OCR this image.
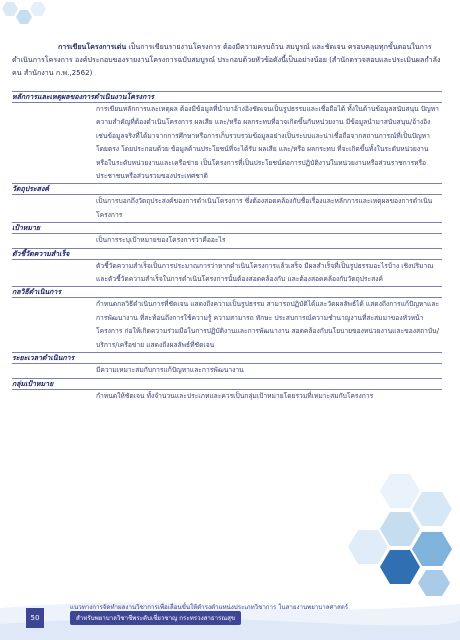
การเขียนโครงการเด่น เป็นการเขียนรายงานโครงการ ต้องมีความครบถ้วน สมบูรณ์ และชัดเจน ครอบคลุมทุกขั้นตอนในการดำเนินการโครงการ องค์ประกอบของรายงานโครงการฉบับสมบูรณ์ ประกอบด้วยหัวข้อดังนี้เป็นอย่างน้อย (สำนักตรวจสอบและประเมินผลกำลังคน สำนักงาน ก.พ.,2562)

หลักการและเหตุผลของการดำเนินงานโครงการ

การเขียนหลักการและเหตุผล ต้องมีข้อมูลที่นำมาอ้างอิงชัดเจนเป็นรูปธรรมและเชื่อถือได้ ทั้งในด้านข้อมูลสนับสนุน ปัญหา ความสำคัญที่ต้องดำเนินโครงการ ผลเสีย และ/หรือ ผลกระทบที่อาจเกิดขึ้นกับหน่วยงาน มีข้อมูลนำมาสนับสนุน/อ้างอิง เช่นข้อมูลจริงที่ได้มาจากการศึกษาหรือการเก็บรวบรวมข้อมูลอย่างเป็นระบบและน่าเชื่อถือจากสถานการณ์ที่เป็นปัญหาโดยตรง โดยประกอบด้วย ข้อมูลด้านประโยชน์ที่จะได้รับ ผลเสีย และ/หรือ ผลกระทบ ที่จะเกิดขึ้นทั้งในระดับหน่วยงาน หรือในระดับหน่วยงานและเครือข่าย เป็นโครงการที่เป็นประโยชน์ต่อการปฏิบัติงานในหน่วยงานหรือส่วนราชการหรือประชาชนหรือส่วนรวมของประเทศชาติ

วัตถุประสงค์

เป็นการบอกถึงวัตถุประสงค์ของการดำเนินโครงการ ซึ่งต้องสอดคล้องกับชื่อเรื่องและหลักการและเหตุผลของการดำเนินโครงการ

เป้าหมาย

เป็นการระบุเป้าหมายของโครงการว่าคืออะไร

ตัวชี้วัดความสำเร็จ

ตัวชี้วัดความสำเร็จเป็นการประมาณการว่าหากดำเนินโครงการแล้วเสร็จ มีผลสำเร็จที่เป็นรูปธรรมอะไรบ้าง เชิงปริมาณและตัวชี้วัดความสำเร็จในการดำเนินโครงการนั้นต้องสอดคล้องกับ และต้องสอดคล้องกับวัตถุประสงค์

กลวิธีดำเนินการ

กำหนดกลวิธีดำเนินการที่ชัดเจน แสดงถึงความเป็นรูปธรรม สามารถปฏิบัติได้และวัดผลลัพธ์ได้ แสดงถึงการแก้ปัญหาและการพัฒนางาน ที่สะท้อนถึงการใช้ความรู้ ความสามารถ ทักษะ ประสบการณ์ความชำนาญงานที่สะสมมาของหัวหน้าโครงการ ก่อให้เกิดความร่วมมือในการปฏิบัติงานและการพัฒนางาน สอดคล้องกับนโยบายของหน่วยงานและของสถาบัน/บริการ/เครือข่าย แสดงถึงผลลัพธ์ที่ชัดเจน

ระยะเวลาดำเนินการ

มีความเหมาะสมกับการแก้ปัญหาและการพัฒนางาน

กลุ่มเป้าหมาย

กำหนดให้ชัดเจน ทั้งจำนวนและประเภทและควรเป็นกลุ่มเป้าหมายโดยรวมที่เหมาะสมกับโครงการ
50
แนวทางการจัดทำผลงานวิชาการเพื่อเลื่อนขั้นให้ดำรงตำแหน่งประเภทวิชาการ ในสายงานพยาบาลศาสตร์
สำหรับพยาบาลวิชาชีพระดับเชี่ยวชาญ กระทรวงสาธารณสุข
